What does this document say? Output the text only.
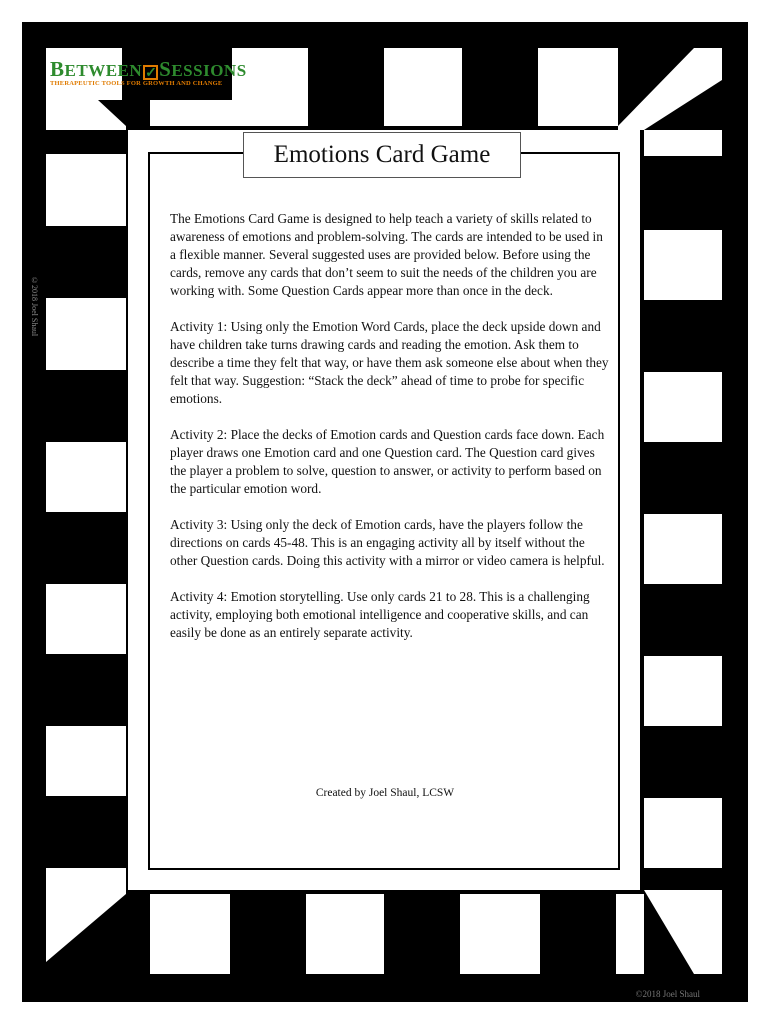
BETWEEN ✓SESSIONS
THERAPEUTIC TOOLS FOR GROWTH AND CHANGE
Emotions Card Game

The Emotions Card Game is designed to help teach a variety of skills related to awareness of emotions and problem-solving. The cards are intended to be used in a flexible manner. Several suggested uses are provided below. Before using the cards, remove any cards that don’t seem to suit the needs of the children you are working with. Some Question Cards appear more than once in the deck.

Activity 1: Using only the Emotion Word Cards, place the deck upside down and have children take turns drawing cards and reading the emotion. Ask them to describe a time they felt that way, or have them ask someone else about when they felt that way. Suggestion: “Stack the deck” ahead of time to probe for specific emotions.

Activity 2: Place the decks of Emotion cards and Question cards face down. Each player draws one Emotion card and one Question card. The Question card gives the player a problem to solve, question to answer, or activity to perform based on the particular emotion word.

Activity 3: Using only the deck of Emotion cards, have the players follow the directions on cards 45-48. This is an engaging activity all by itself without the other Question cards. Doing this activity with a mirror or video camera is helpful.

Activity 4: Emotion storytelling. Use only cards 21 to 28. This is a challenging activity, employing both emotional intelligence and cooperative skills, and can easily be done as an entirely separate activity.

Created by Joel Shaul, LCSW
©2018 Joel Shaul
©2018 Joel Shaul
